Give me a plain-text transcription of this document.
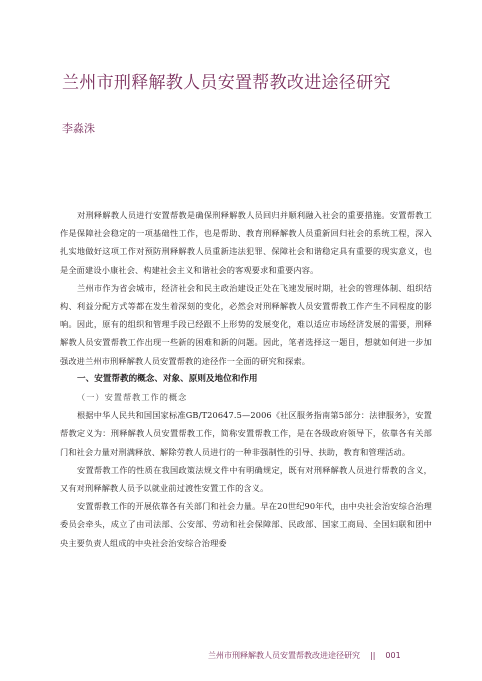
兰州市刑释解教人员安置帮教改进途径研究
李淼洙

对刑释解教人员进行安置帮教是确保刑释解教人员回归并顺利融入社会的重要措施。安置帮教工作是保障社会稳定的一项基础性工作，也是帮助、教育刑释解教人员重新回归社会的系统工程，深入扎实地做好这项工作对预防刑释解教人员重新违法犯罪、保障社会和谐稳定具有重要的现实意义，也是全面建设小康社会、构建社会主义和谐社会的客观要求和重要内容。

兰州市作为省会城市，经济社会和民主政治建设正处在飞速发展时期，社会的管理体制、组织结构、利益分配方式等都在发生着深刻的变化，必然会对刑释解教人员安置帮教工作产生不同程度的影响。因此，原有的组织和管理手段已经跟不上形势的发展变化，难以适应市场经济发展的需要，刑释解教人员安置帮教工作出现一些新的困难和新的问题。因此，笔者选择这一题目，想就如何进一步加强改进兰州市刑释解教人员安置帮教的途径作一全面的研究和探索。

一、安置帮教的概念、对象、原则及地位和作用

（一）安置帮教工作的概念

根据中华人民共和国国家标准GB/T20647.5—2006《社区服务指南第5部分：法律服务》，安置帮教定义为：刑释解教人员安置帮教工作，简称安置帮教工作，是在各级政府领导下，依靠各有关部门和社会力量对刑满释放、解除劳教人员进行的一种非强制性的引导、扶助，教育和管理活动。

安置帮教工作的性质在我国政策法规文件中有明确规定，既有对刑释解教人员进行帮教的含义，又有对刑释解教人员予以就业前过渡性安置工作的含义。

安置帮教工作的开展依靠各有关部门和社会力量。早在20世纪90年代，由中央社会治安综合治理委员会牵头，成立了由司法部、公安部、劳动和社会保障部、民政部、国家工商局、全国妇联和团中央主要负责人组成的中央社会治安综合治理委

兰州市刑释解教人员安置帮教改进途径研究 || 001
